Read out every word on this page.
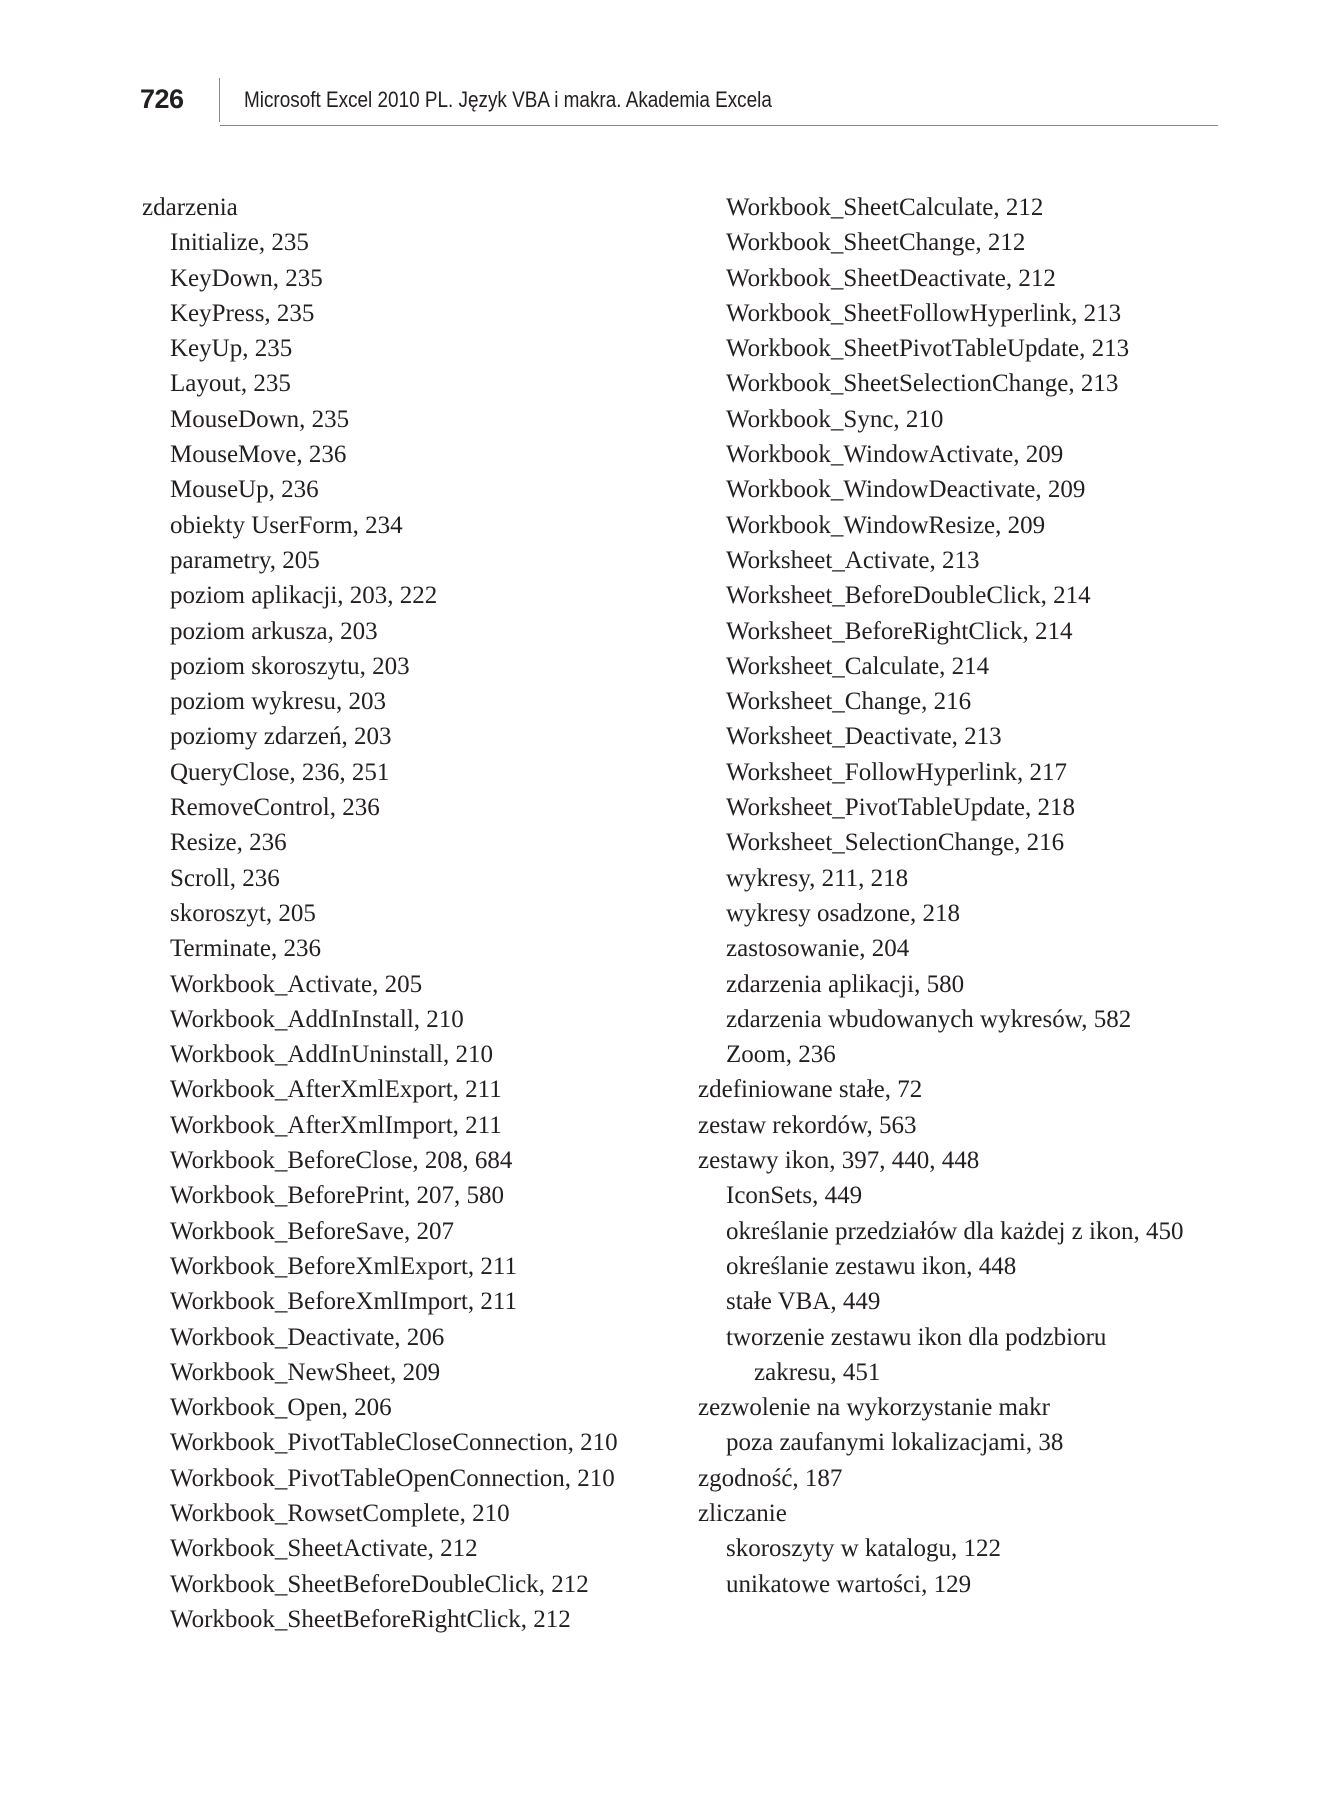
726	Microsoft Excel 2010 PL. Język VBA i makra. Akademia Excela
zdarzenia
Initialize, 235
KeyDown, 235
KeyPress, 235
KeyUp, 235
Layout, 235
MouseDown, 235
MouseMove, 236
MouseUp, 236
obiekty UserForm, 234
parametry, 205
poziom aplikacji, 203, 222
poziom arkusza, 203
poziom skoroszytu, 203
poziom wykresu, 203
poziomy zdarzeń, 203
QueryClose, 236, 251
RemoveControl, 236
Resize, 236
Scroll, 236
skoroszyt, 205
Terminate, 236
Workbook_Activate, 205
Workbook_AddInInstall, 210
Workbook_AddInUninstall, 210
Workbook_AfterXmlExport, 211
Workbook_AfterXmlImport, 211
Workbook_BeforeClose, 208, 684
Workbook_BeforePrint, 207, 580
Workbook_BeforeSave, 207
Workbook_BeforeXmlExport, 211
Workbook_BeforeXmlImport, 211
Workbook_Deactivate, 206
Workbook_NewSheet, 209
Workbook_Open, 206
Workbook_PivotTableCloseConnection, 210
Workbook_PivotTableOpenConnection, 210
Workbook_RowsetComplete, 210
Workbook_SheetActivate, 212
Workbook_SheetBeforeDoubleClick, 212
Workbook_SheetBeforeRightClick, 212
Workbook_SheetCalculate, 212
Workbook_SheetChange, 212
Workbook_SheetDeactivate, 212
Workbook_SheetFollowHyperlink, 213
Workbook_SheetPivotTableUpdate, 213
Workbook_SheetSelectionChange, 213
Workbook_Sync, 210
Workbook_WindowActivate, 209
Workbook_WindowDeactivate, 209
Workbook_WindowResize, 209
Worksheet_Activate, 213
Worksheet_BeforeDoubleClick, 214
Worksheet_BeforeRightClick, 214
Worksheet_Calculate, 214
Worksheet_Change, 216
Worksheet_Deactivate, 213
Worksheet_FollowHyperlink, 217
Worksheet_PivotTableUpdate, 218
Worksheet_SelectionChange, 216
wykresy, 211, 218
wykresy osadzone, 218
zastosowanie, 204
zdarzenia aplikacji, 580
zdarzenia wbudowanych wykresów, 582
Zoom, 236
zdefiniowane stałe, 72
zestaw rekordów, 563
zestawy ikon, 397, 440, 448
IconSets, 449
określanie przedziałów dla każdej z ikon, 450
określanie zestawu ikon, 448
stałe VBA, 449
tworzenie zestawu ikon dla podzbioru
zakresu, 451
zezwolenie na wykorzystanie makr
poza zaufanymi lokalizacjami, 38
zgodność, 187
zliczanie
skoroszyty w katalogu, 122
unikatowe wartości, 129
